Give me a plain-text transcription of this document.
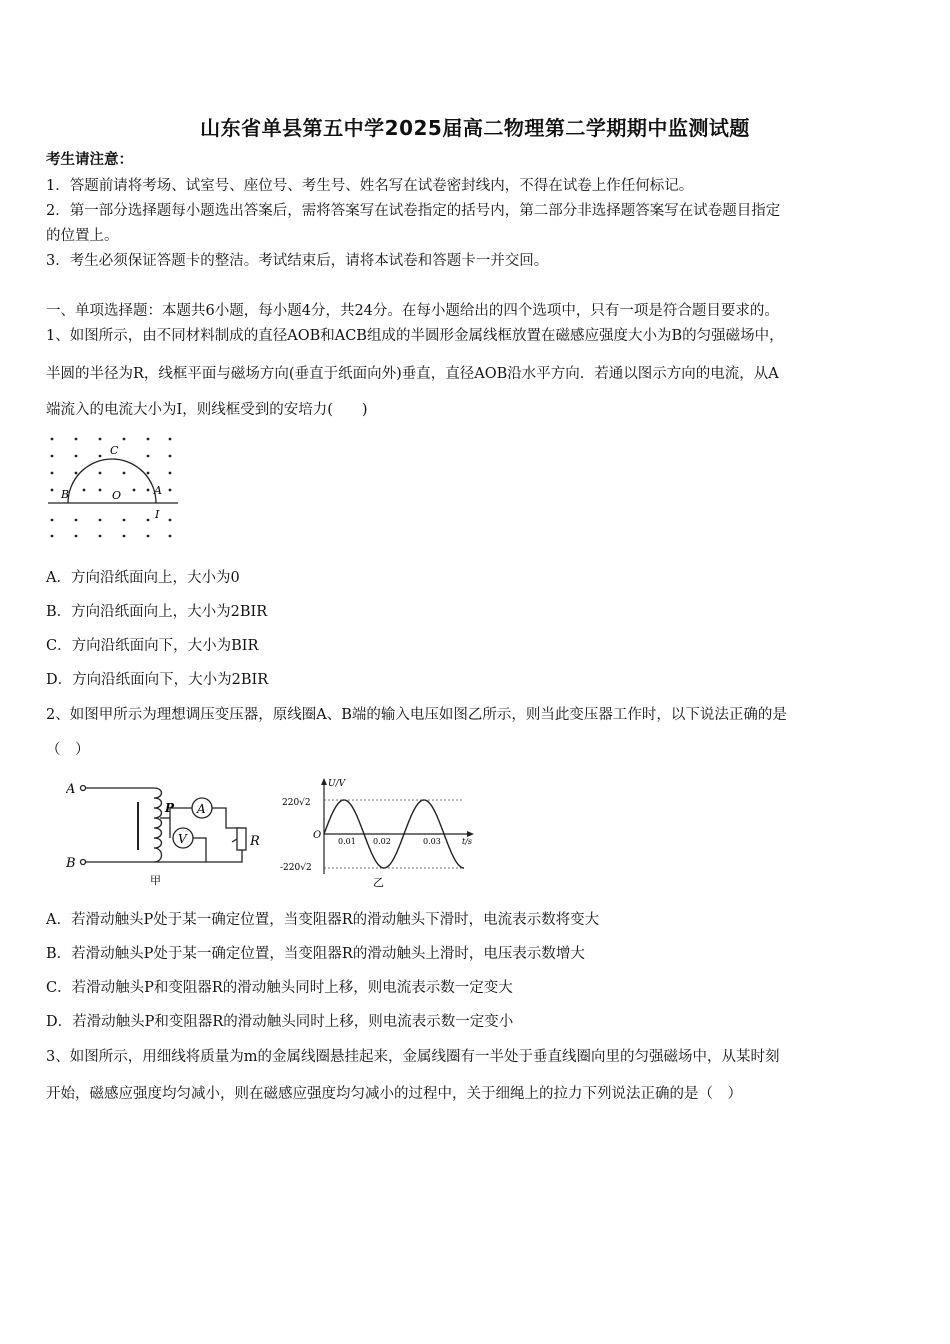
山东省单县第五中学2025届高二物理第二学期期中监测试题
考生请注意：
1．答题前请将考场、试室号、座位号、考生号、姓名写在试卷密封线内，不得在试卷上作任何标记。
2．第一部分选择题每小题选出答案后，需将答案写在试卷指定的括号内，第二部分非选择题答案写在试卷题目指定
的位置上。
3．考生必须保证答题卡的整洁。考试结束后，请将本试卷和答题卡一并交回。
一、单项选择题：本题共6小题，每小题4分，共24分。在每小题给出的四个选项中，只有一项是符合题目要求的。
1、如图所示，由不同材料制成的直径AOB和ACB组成的半圆形金属线框放置在磁感应强度大小为B的匀强磁场中，
半圆的半径为R，线框平面与磁场方向(垂直于纸面向外)垂直，直径AOB沿水平方向．若通以图示方向的电流，从A
端流入的电流大小为I，则线框受到的安培力(　　)
C
B	O	A
I
A．方向沿纸面向上，大小为0
B．方向沿纸面向上，大小为2BIR
C．方向沿纸面向下，大小为BIR
D．方向沿纸面向下，大小为2BIR
2、如图甲所示为理想调压变压器，原线圈A、B端的输入电压如图乙所示，则当此变压器工作时，以下说法正确的是
（　）
A
B
P A
V	R
甲
U/V
220√2
-220√2
O
0.01 0.02	0.03	t/s
乙
A．若滑动触头P处于某一确定位置，当变阻器R的滑动触头下滑时，电流表示数将变大
B．若滑动触头P处于某一确定位置，当变阻器R的滑动触头上滑时，电压表示数增大
C．若滑动触头P和变阻器R的滑动触头同时上移，则电流表示数一定变大
D．若滑动触头P和变阻器R的滑动触头同时上移，则电流表示数一定变小
3、如图所示，用细线将质量为m的金属线圈悬挂起来，金属线圈有一半处于垂直线圈向里的匀强磁场中，从某时刻
开始，磁感应强度均匀减小，则在磁感应强度均匀减小的过程中，关于细绳上的拉力下列说法正确的是（　）
